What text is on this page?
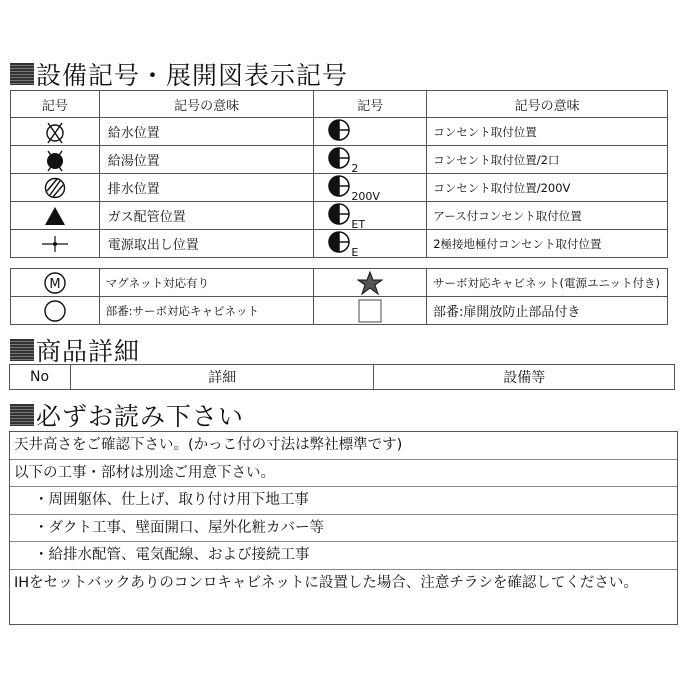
設備記号・展開図表示記号
記号	記号の意味	記号	記号の意味
	給水位置		コンセント取付位置
	給湯位置	2	コンセント取付位置/2口
	排水位置	200V	コンセント取付位置/200V
	ガス配管位置	ET	アース付コンセント取付位置
	電源取出し位置	E	2極接地極付コンセント取付位置
M	マグネット対応有り		サーボ対応キャビネット(電源ユニット付き)
	部番:サーボ対応キャビネット		部番:扉開放防止部品付き
商品詳細
No	詳細	設備等
必ずお読み下さい
天井高さをご確認下さい。(かっこ付の寸法は弊社標準です)
以下の工事・部材は別途ご用意下さい。
・周囲躯体、仕上げ、取り付け用下地工事
・ダクト工事、壁面開口、屋外化粧カバー等
・給排水配管、電気配線、および接続工事
IHをセットバックありのコンロキャビネットに設置した場合、注意チラシを確認してください。
